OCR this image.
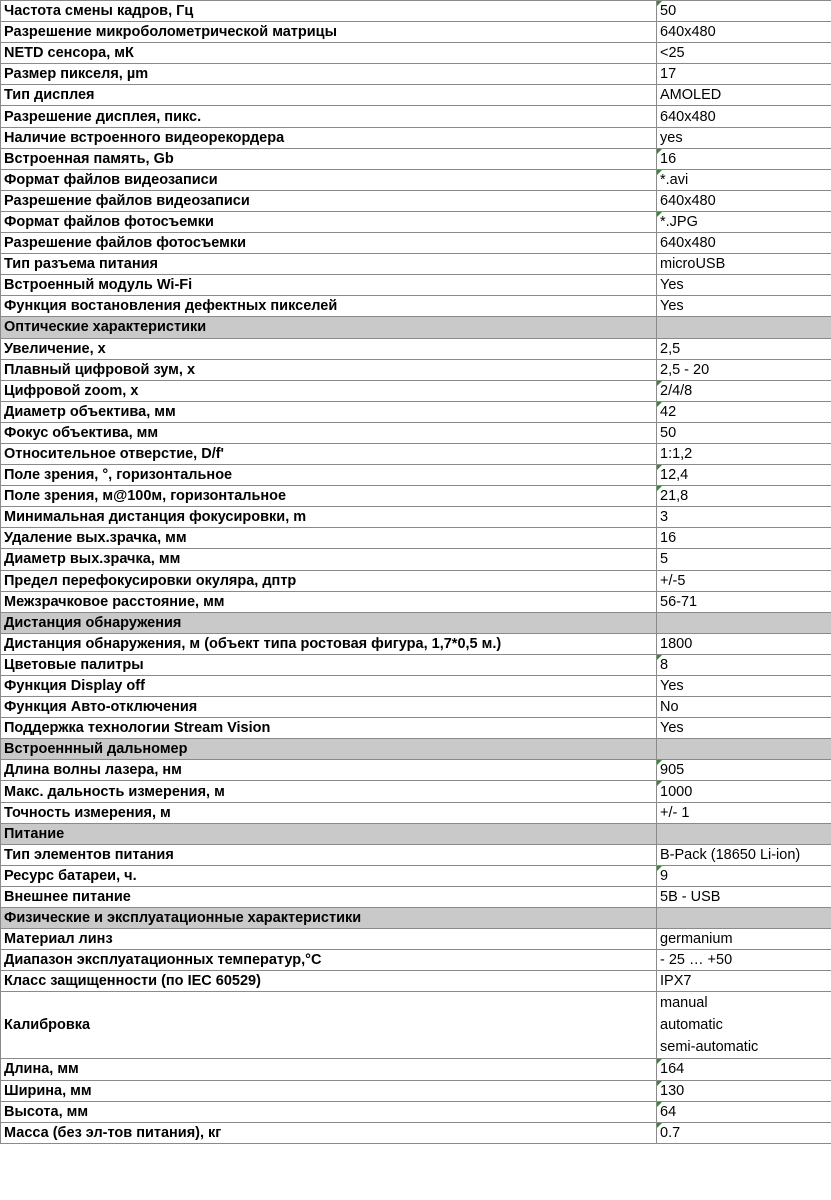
Частота смены кадров, Гц	50
Разрешение микроболометрической матрицы	640x480
NETD сенсора, мК	<25
Размер пикселя, µm	17
Тип дисплея	AMOLED
Разрешение дисплея, пикс.	640x480
Наличие встроенного видеорекордера	yes
Встроенная память, Gb	16
Формат файлов видеозаписи	*.avi
Разрешение файлов видеозаписи	640x480
Формат файлов фотосъемки	*.JPG
Разрешение файлов фотосъемки	640x480
Тип разъема питания	microUSB
Встроенный модуль Wi-Fi	Yes
Функция востановления дефектных пикселей	Yes
Оптические характеристики	
Увеличение, х	2,5
Плавный цифровой зум, х	2,5 - 20
Цифровой zoom, х	2/4/8
Диаметр объектива, мм	42
Фокус объектива, мм	50
Относительное отверстие, D/f'	1:1,2
Поле зрения, °, горизонтальное	12,4
Поле зрения, м@100м, горизонтальное	21,8
Минимальная дистанция фокусировки, m	3
Удаление вых.зрачка, мм	16
Диаметр вых.зрачка, мм	5
Предел перефокусировки окуляра, дптр	+/-5
Межзрачковое расстояние, мм	56-71
Дистанция обнаружения	
Дистанция обнаружения, м (объект типа ростовая фигура, 1,7*0,5 м.)	1800
Цветовые палитры	8
Функция Display off	Yes
Функция Авто-отключения	No
Поддержка технологии Stream Vision	Yes
Встроеннный дальномер	
Длина волны лазера, нм	905
Макс. дальность измерения, м	1000
Точность измерения, м	+/- 1
Питание	
Тип элементов питания	B-Pack (18650 Li-ion)
Ресурс батареи, ч.	9
Внешнее питание	5В - USB
Физические и эксплуатационные характеристики	
Материал линз	germanium
Диапазон эксплуатационных температур,°С	- 25 … +50
Класс защищенности (по IEC 60529)	IPX7
Калибровка	manual
automatic
semi-automatic

Длина, мм	164
Ширина, мм	130
Высота, мм	64
Масса (без эл-тов питания), кг	0.7
